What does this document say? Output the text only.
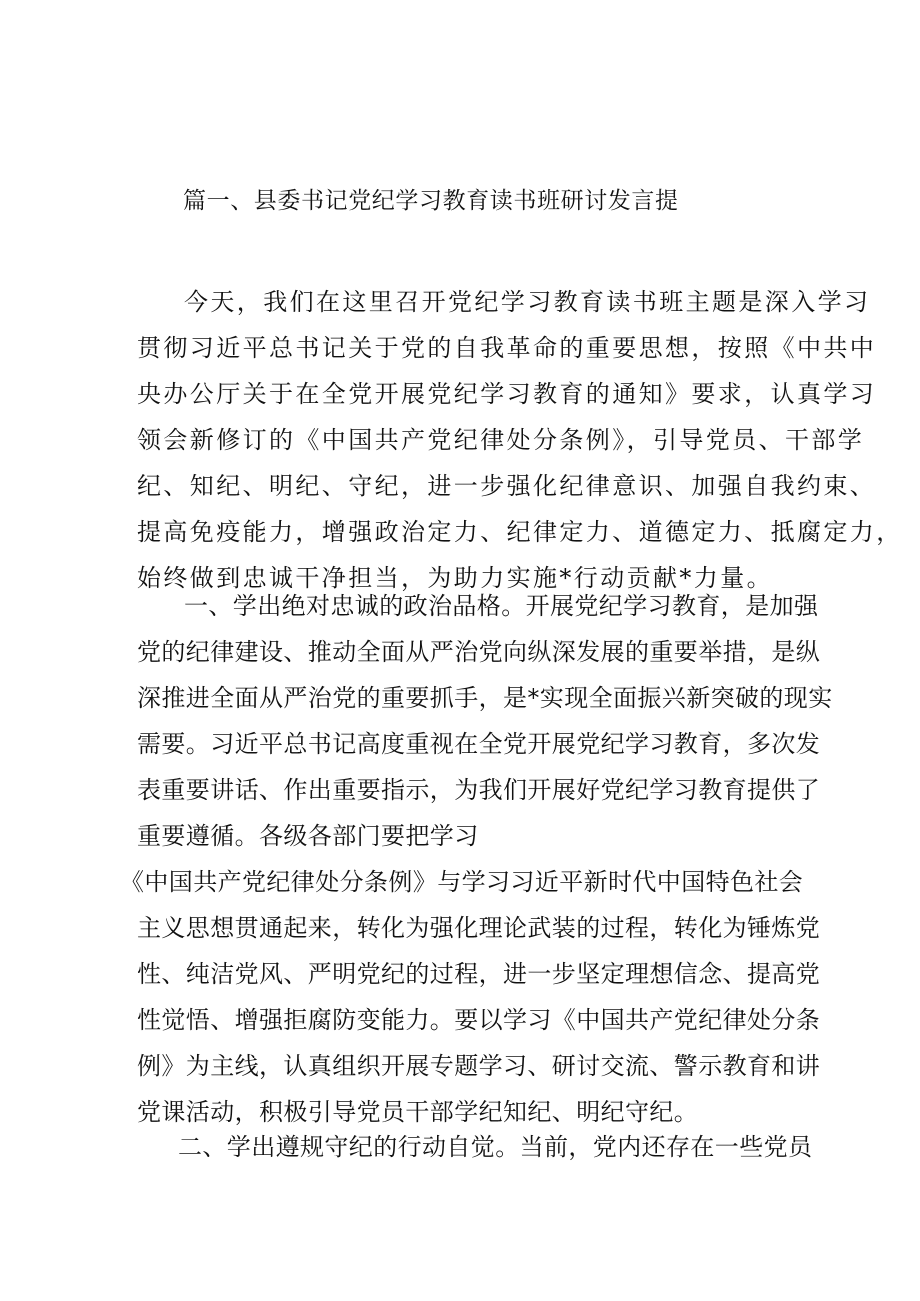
篇一、县委书记党纪学习教育读书班研讨发言提
今天，我们在这里召开党纪学习教育读书班主题是深入学习
贯彻习近平总书记关于党的自我革命的重要思想，按照《中共中
央办公厅关于在全党开展党纪学习教育的通知》要求，认真学习
领会新修订的《中国共产党纪律处分条例》，引导党员、干部学
纪、知纪、明纪、守纪，进一步强化纪律意识、加强自我约束、
提高免疫能力，增强政治定力、纪律定力、道德定力、抵腐定力，
始终做到忠诚干净担当，为助力实施*行动贡献*力量。
一、学出绝对忠诚的政治品格。开展党纪学习教育，是加强
党的纪律建设、推动全面从严治党向纵深发展的重要举措，是纵
深推进全面从严治党的重要抓手，是*实现全面振兴新突破的现实
需要。习近平总书记高度重视在全党开展党纪学习教育，多次发
表重要讲话、作出重要指示，为我们开展好党纪学习教育提供了
重要遵循。各级各部门要把学习
《中国共产党纪律处分条例》与学习习近平新时代中国特色社会
主义思想贯通起来，转化为强化理论武装的过程，转化为锤炼党
性、纯洁党风、严明党纪的过程，进一步坚定理想信念、提高党
性觉悟、增强拒腐防变能力。要以学习《中国共产党纪律处分条
例》为主线，认真组织开展专题学习、研讨交流、警示教育和讲
党课活动，积极引导党员干部学纪知纪、明纪守纪。
二、学出遵规守纪的行动自觉。当前，党内还存在一些党员
